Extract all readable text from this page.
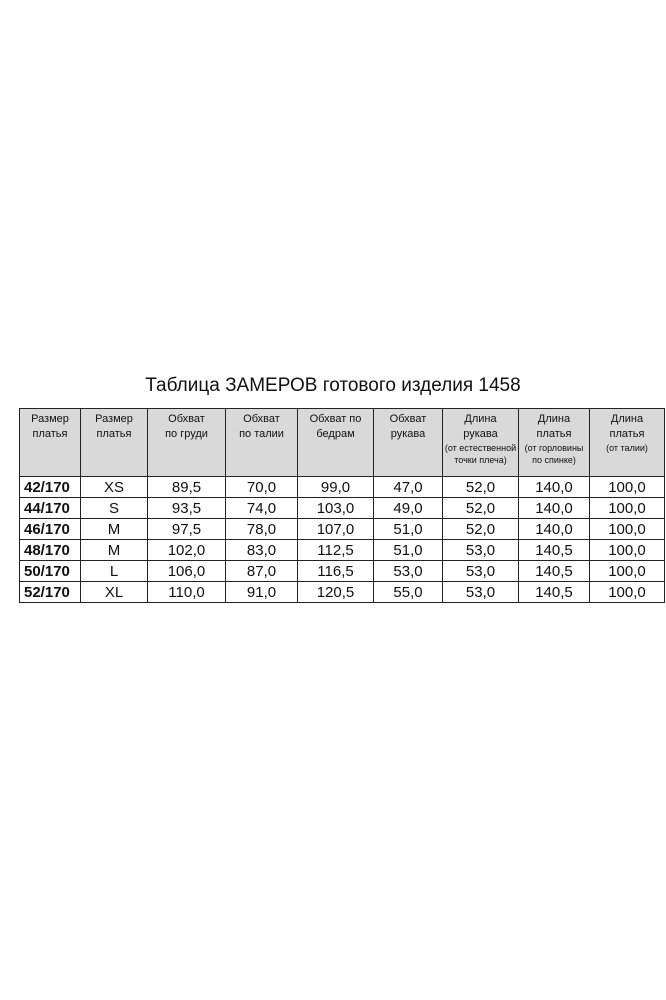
Таблица ЗАМЕРОВ готового изделия 1458
Размер
платья	Размер
платья	Обхват
по груди	Обхват
по талии	Обхват по
бедрам	Обхват
рукава	Длина
рукава
(от естественной точки плеча)	Длина
платья
(от горловины по спинке)	Длина
платья
(от талии)

42/170	XS	89,5	70,0	99,0	47,0	52,0	140,0	100,0
44/170	S	93,5	74,0	103,0	49,0	52,0	140,0	100,0
46/170	M	97,5	78,0	107,0	51,0	52,0	140,0	100,0
48/170	M	102,0	83,0	112,5	51,0	53,0	140,5	100,0
50/170	L	106,0	87,0	116,5	53,0	53,0	140,5	100,0
52/170	XL	110,0	91,0	120,5	55,0	53,0	140,5	100,0
